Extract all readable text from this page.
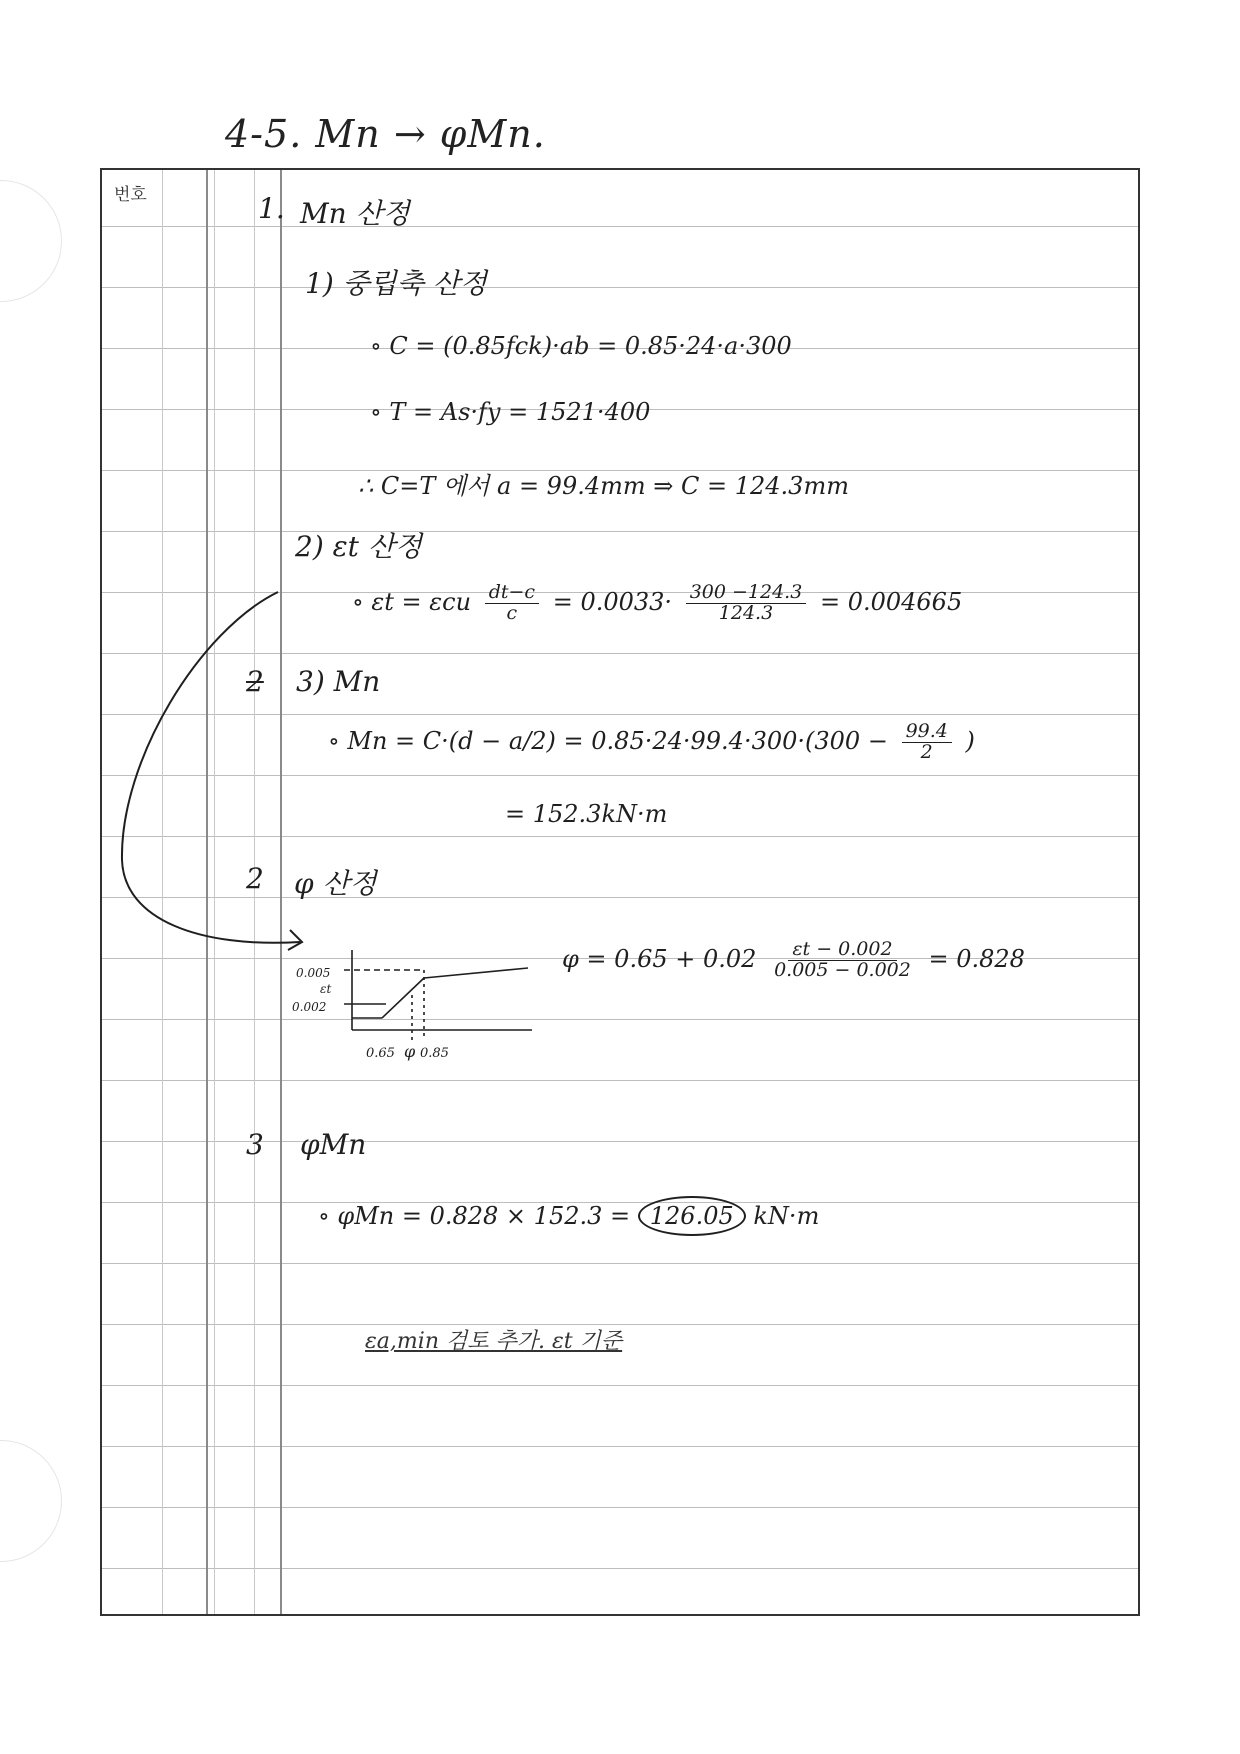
4-5. Mn → φMn.
번호	1. Mn 산정
1) 중립축 산정
∘ C = (0.85fck)·ab = 0.85·24·a·300
∘ T = As·fy = 1521·400
∴ C=T 에서 a = 99.4mm ⇒ C = 124.3mm
2) εt 산정
∘ εt = εcu $\frac{dt-c}{c} = 0.0033\cdot \frac{300 -124.3}{124.3} = 0.004665$
2 3) Mn
∘ $Mn = C\cdot(d - a/2) = 0.85\cdot 24\cdot 99.4\cdot 300\cdot(300 - \frac{99.4}{2}$ )
= 152.3kN·m
2 φ 산정
$\varphi = 0.65 + 0.02 \frac{\varepsilon t - 0.002}{0.005 - 0.002} = 0.828$
0.005
εt
0.002
0.65 φ 0.85
3 φMn
∘ φMn = 0.828 × 152.3 = 126.05 kN·m
εa,min 검토 추가. εt 기준
